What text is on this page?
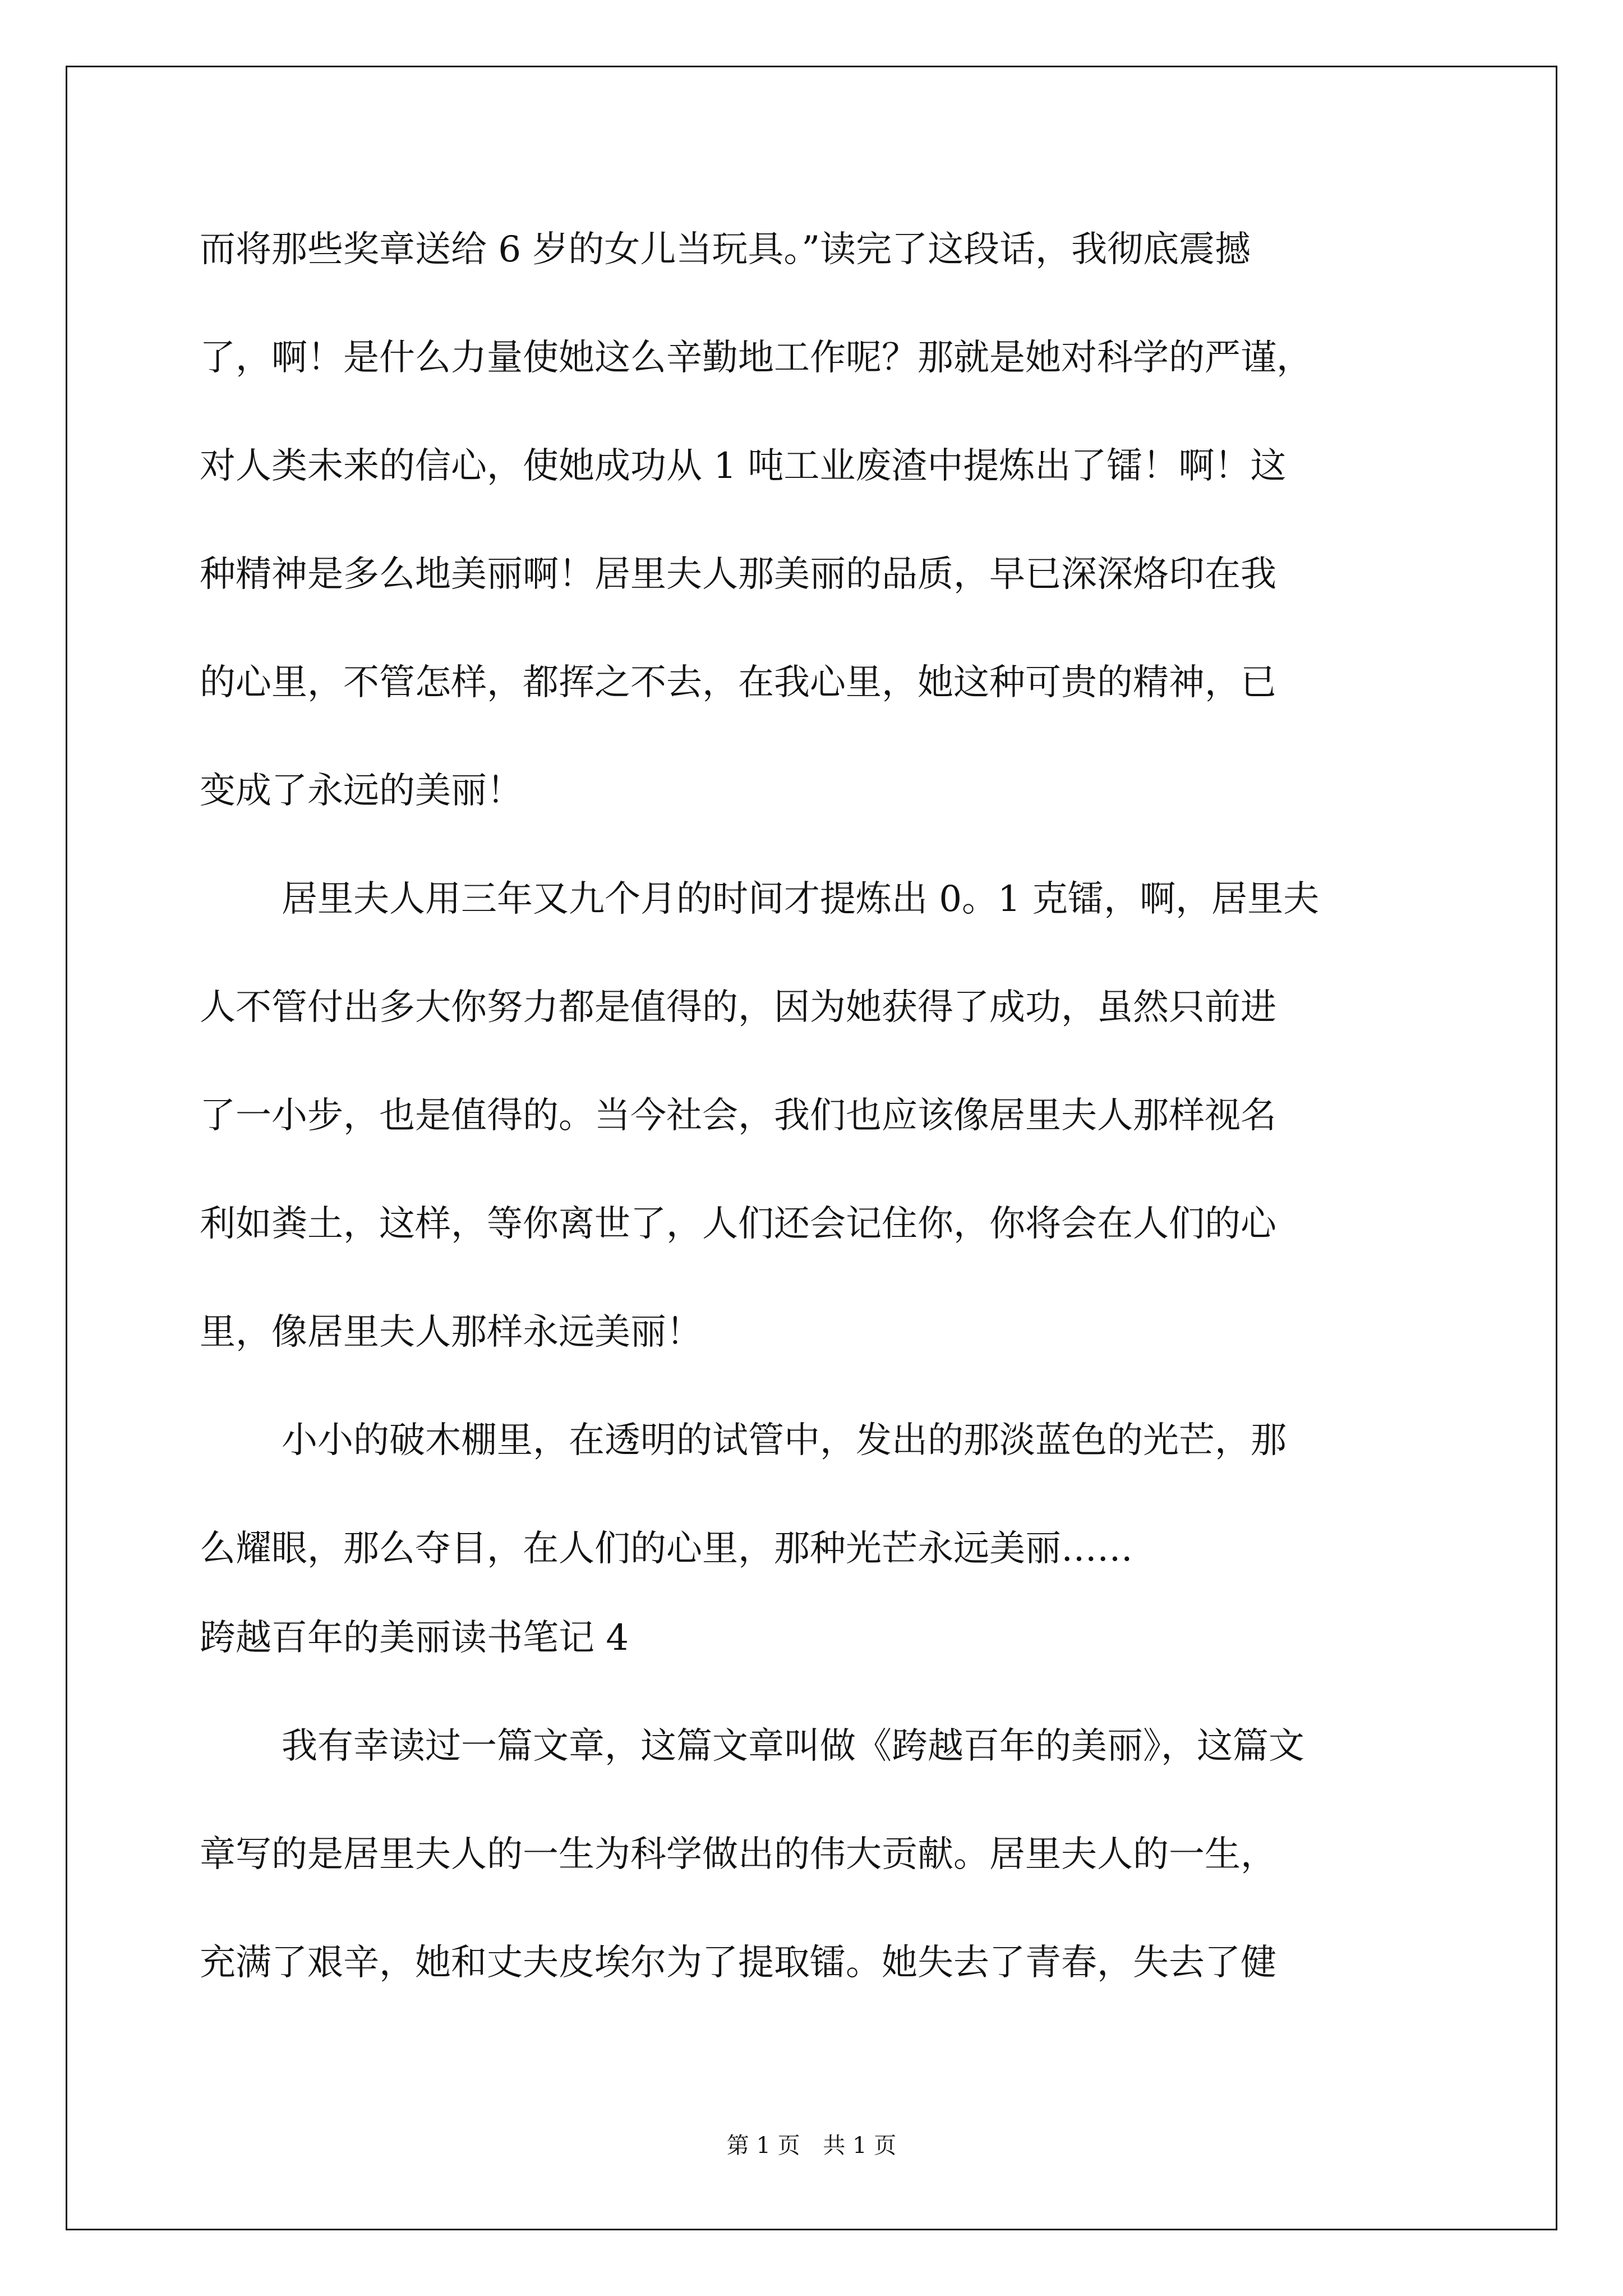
而将那些奖章送给 6 岁的女儿当玩具。”读完了这段话，我彻底震撼
了，啊！是什么力量使她这么辛勤地工作呢？那就是她对科学的严谨，
对人类未来的信心，使她成功从 1 吨工业废渣中提炼出了镭！啊！这
种精神是多么地美丽啊！居里夫人那美丽的品质，早已深深烙印在我
的心里，不管怎样，都挥之不去，在我心里，她这种可贵的精神，已
变成了永远的美丽！
居里夫人用三年又九个月的时间才提炼出 0。1 克镭，啊，居里夫
人不管付出多大你努力都是值得的，因为她获得了成功，虽然只前进
了一小步，也是值得的。当今社会，我们也应该像居里夫人那样视名
利如粪土，这样，等你离世了，人们还会记住你，你将会在人们的心
里，像居里夫人那样永远美丽！
小小的破木棚里，在透明的试管中，发出的那淡蓝色的光芒，那
么耀眼，那么夺目，在人们的心里，那种光芒永远美丽……
跨越百年的美丽读书笔记 4
我有幸读过一篇文章，这篇文章叫做《跨越百年的美丽》，这篇文
章写的是居里夫人的一生为科学做出的伟大贡献。居里夫人的一生，
充满了艰辛，她和丈夫皮埃尔为了提取镭。她失去了青春，失去了健
第 1 页 共 1 页
